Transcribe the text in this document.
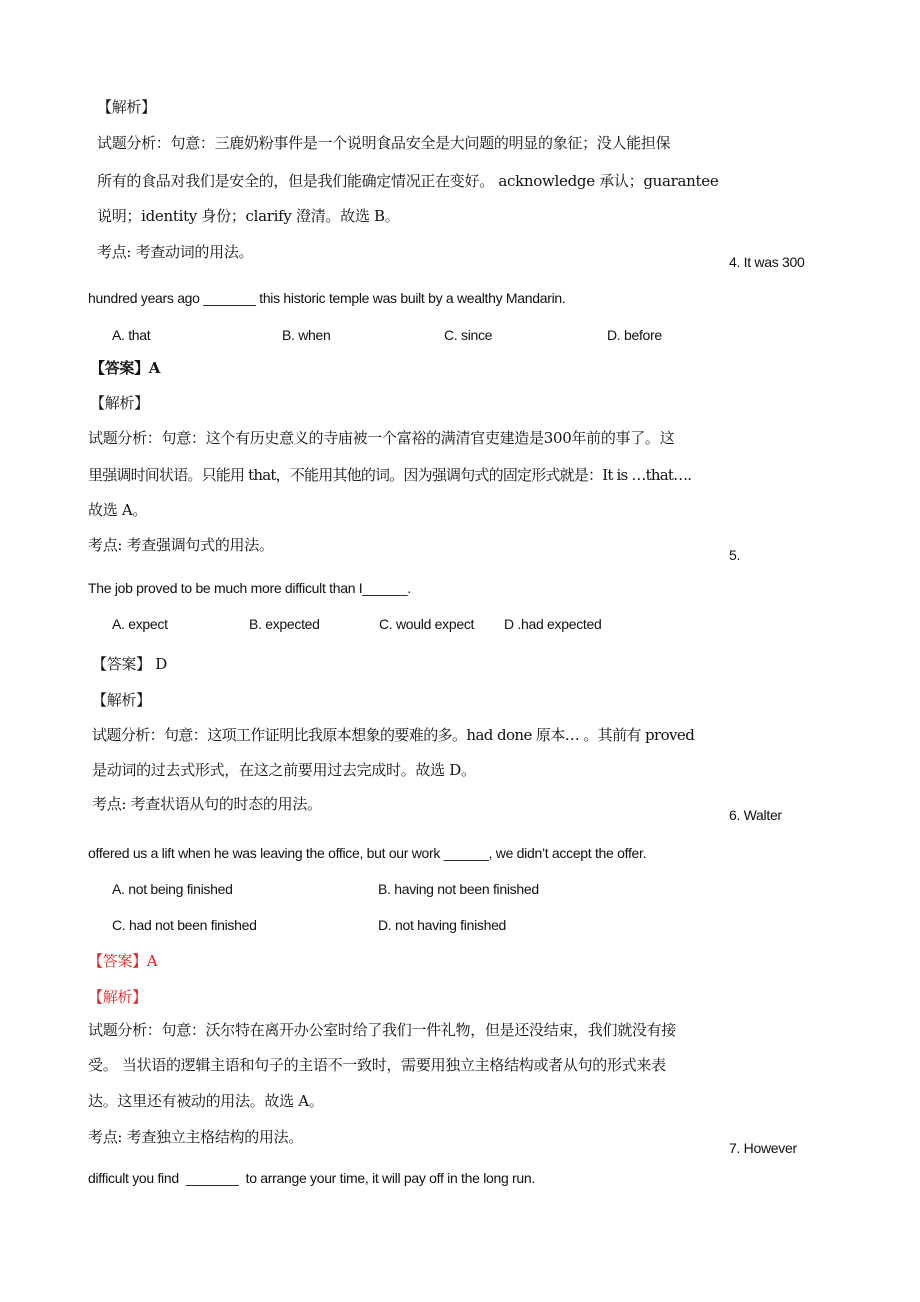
【解析】
试题分析：句意：三鹿奶粉事件是一个说明食品安全是大问题的明显的象征；没人能担保
所有的食品对我们是安全的，但是我们能确定情况正在变好。 acknowledge 承认；guarantee
说明；identity 身份；clarify 澄清。故选 B。
考点: 考查动词的用法。
4. It was 300
hundred years ago _______ this historic temple was built by a wealthy Mandarin.
A. that	B. when	C. since	D. before
【答案】A
【解析】
试题分析：句意：这个有历史意义的寺庙被一个富裕的满清官吏建造是300年前的事了。这
里强调时间状语。只能用 that，不能用其他的词。因为强调句式的固定形式就是：It is …that….
故选 A。
考点: 考查强调句式的用法。
5.
The job proved to be much more difficult than I______.
A. expect	B. expected	C. would expect D .had expected
【答案】 D
【解析】
试题分析：句意：这项工作证明比我原本想象的要难的多。had done 原本… 。其前有 proved
是动词的过去式形式，在这之前要用过去完成时。故选 D。
考点: 考查状语从句的时态的用法。
6. Walter
offered us a lift when he was leaving the office, but our work ______, we didn’t accept the offer.
A. not being finished	B. having not been finished
C. had not been finished	D. not having finished
【答案】A
【解析】
试题分析：句意：沃尔特在离开办公室时给了我们一件礼物，但是还没结束，我们就没有接
受。 当状语的逻辑主语和句子的主语不一致时，需要用独立主格结构或者从句的形式来表
达。这里还有被动的用法。故选 A。
考点: 考查独立主格结构的用法。
7. However
difficult you find  _______  to arrange your time, it will pay off in the long run.
